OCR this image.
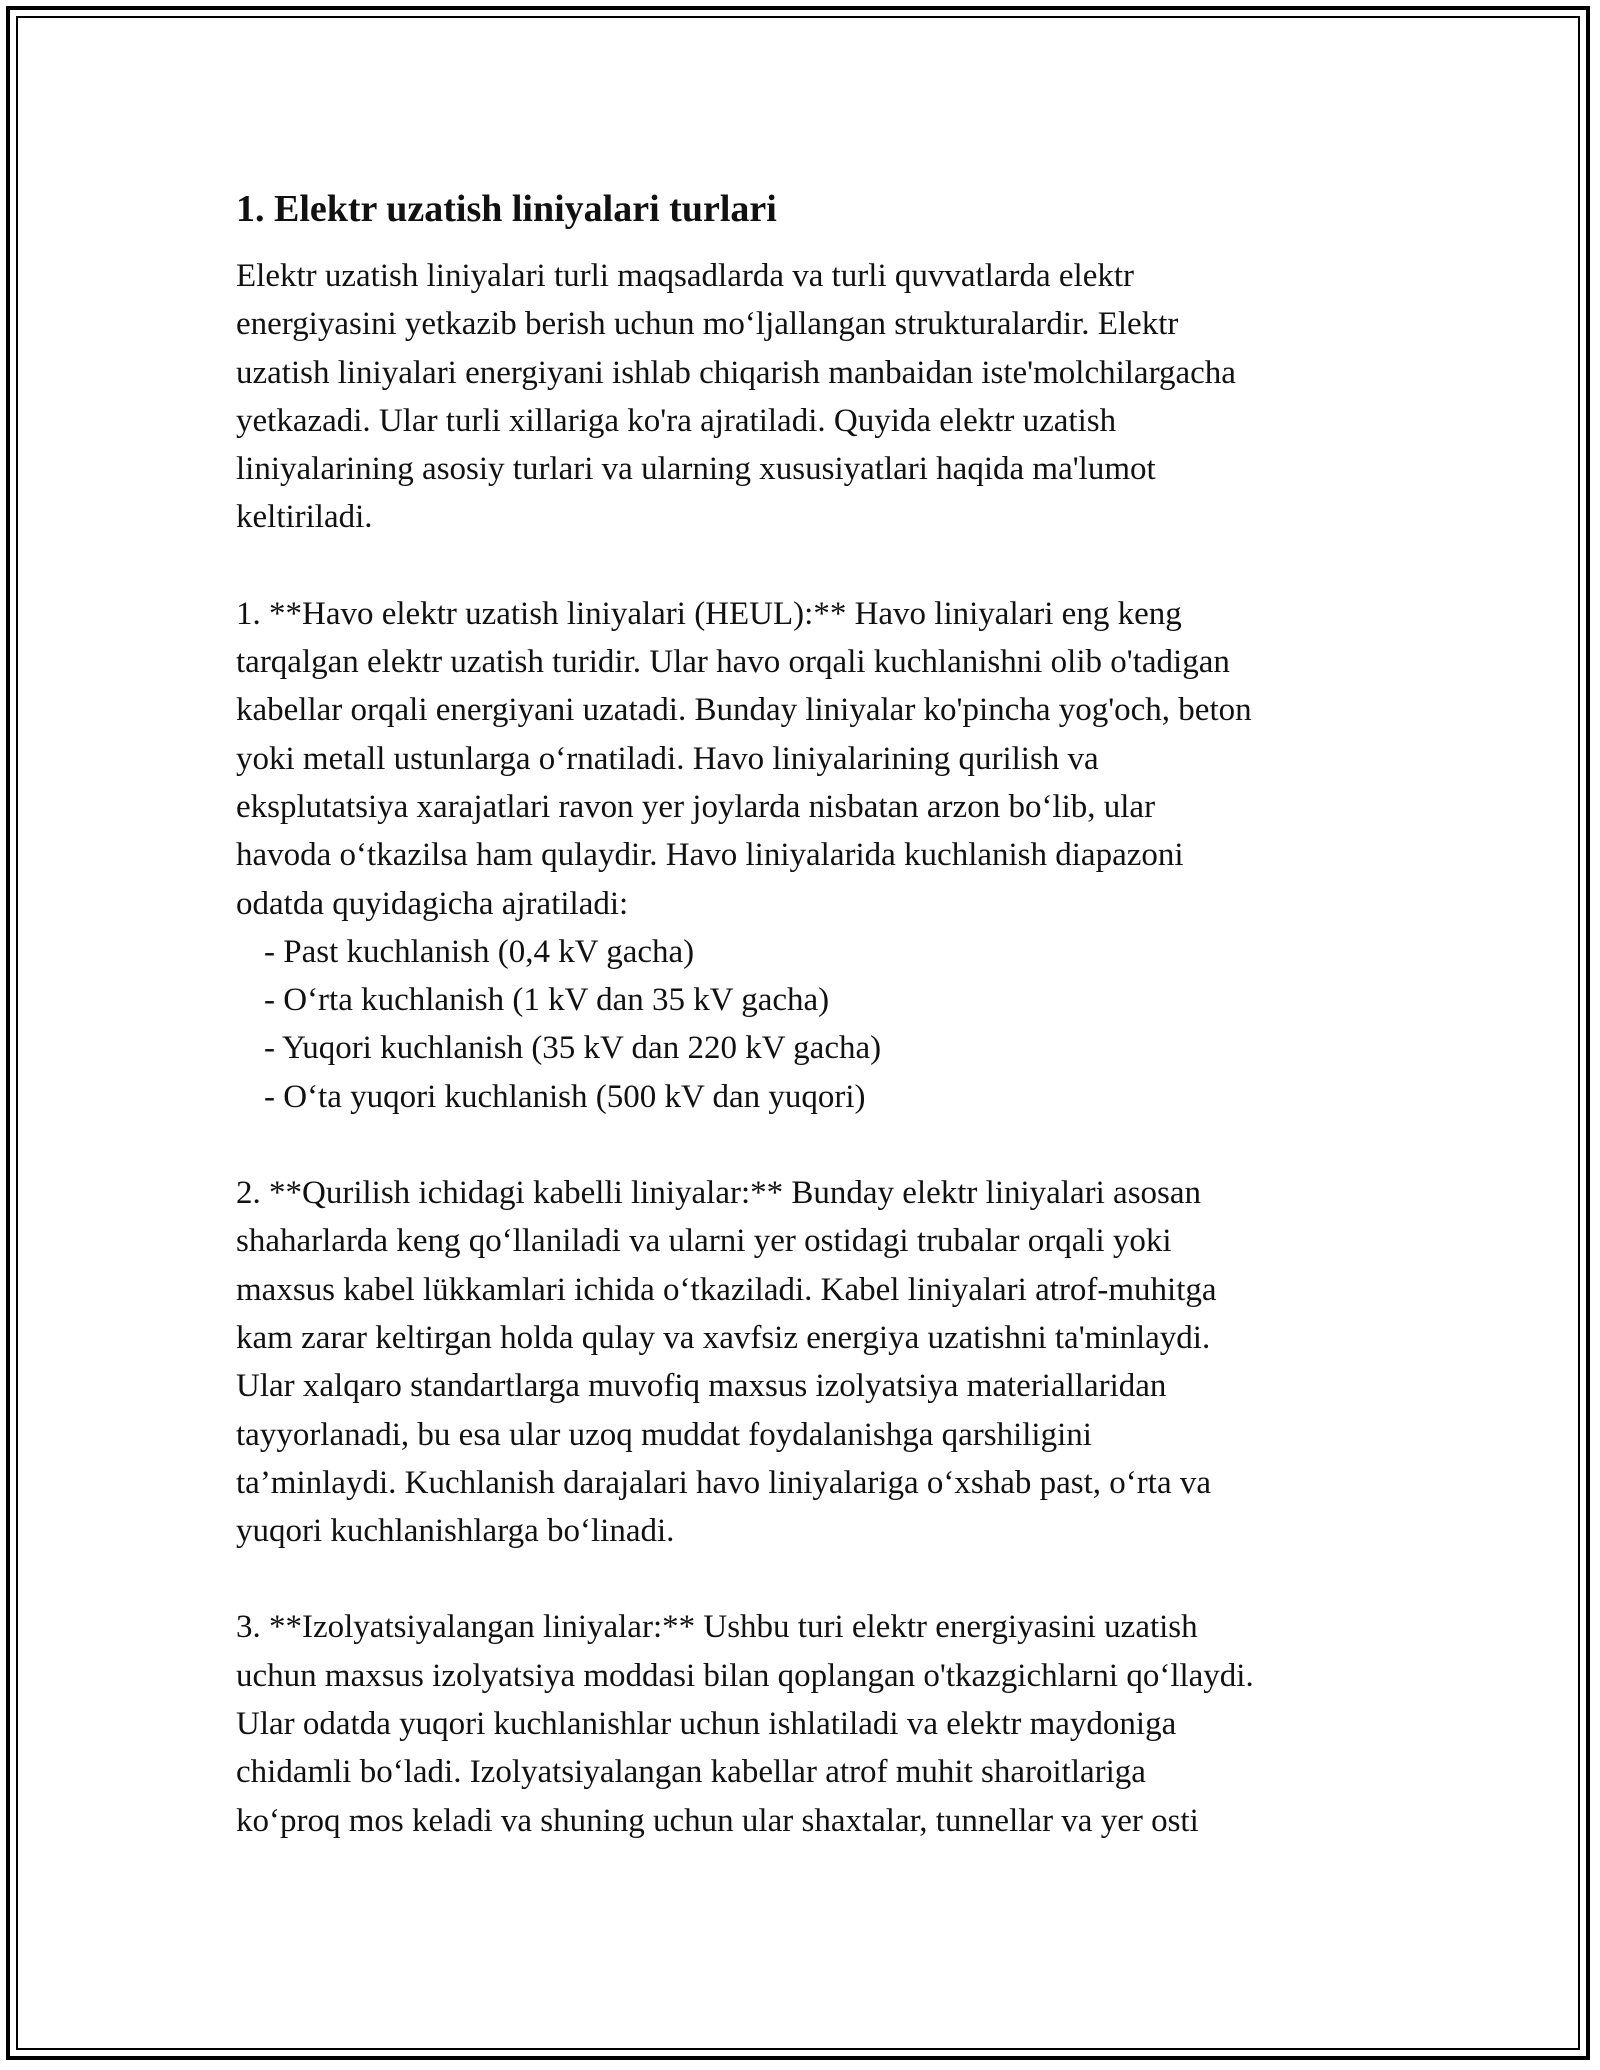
1. Elektr uzatish liniyalari turlari

Elektr uzatish liniyalari turli maqsadlarda va turli quvvatlarda elektr
energiyasini yetkazib berish uchun mo‘ljallangan strukturalardir. Elektr
uzatish liniyalari energiyani ishlab chiqarish manbaidan iste'molchilargacha
yetkazadi. Ular turli xillariga ko'ra ajratiladi. Quyida elektr uzatish
liniyalarining asosiy turlari va ularning xususiyatlari haqida ma'lumot
keltiriladi.

1. **Havo elektr uzatish liniyalari (HEUL):** Havo liniyalari eng keng
tarqalgan elektr uzatish turidir. Ular havo orqali kuchlanishni olib o'tadigan
kabellar orqali energiyani uzatadi. Bunday liniyalar ko'pincha yog'och, beton
yoki metall ustunlarga o‘rnatiladi. Havo liniyalarining qurilish va
eksplutatsiya xarajatlari ravon yer joylarda nisbatan arzon bo‘lib, ular
havoda o‘tkazilsa ham qulaydir. Havo liniyalarida kuchlanish diapazoni
odatda quyidagicha ajratiladi:

- Past kuchlanish (0,4 kV gacha)
- O‘rta kuchlanish (1 kV dan 35 kV gacha)
- Yuqori kuchlanish (35 kV dan 220 kV gacha)
- O‘ta yuqori kuchlanish (500 kV dan yuqori)

2. **Qurilish ichidagi kabelli liniyalar:** Bunday elektr liniyalari asosan
shaharlarda keng qo‘llaniladi va ularni yer ostidagi trubalar orqali yoki
maxsus kabel lükkamlari ichida o‘tkaziladi. Kabel liniyalari atrof-muhitga
kam zarar keltirgan holda qulay va xavfsiz energiya uzatishni ta'minlaydi.
Ular xalqaro standartlarga muvofiq maxsus izolyatsiya materiallaridan
tayyorlanadi, bu esa ular uzoq muddat foydalanishga qarshiligini
ta’minlaydi. Kuchlanish darajalari havo liniyalariga o‘xshab past, o‘rta va
yuqori kuchlanishlarga bo‘linadi.

3. **Izolyatsiyalangan liniyalar:** Ushbu turi elektr energiyasini uzatish
uchun maxsus izolyatsiya moddasi bilan qoplangan o'tkazgichlarni qo‘llaydi.
Ular odatda yuqori kuchlanishlar uchun ishlatiladi va elektr maydoniga
chidamli bo‘ladi. Izolyatsiyalangan kabellar atrof muhit sharoitlariga
ko‘proq mos keladi va shuning uchun ular shaxtalar, tunnellar va yer osti
